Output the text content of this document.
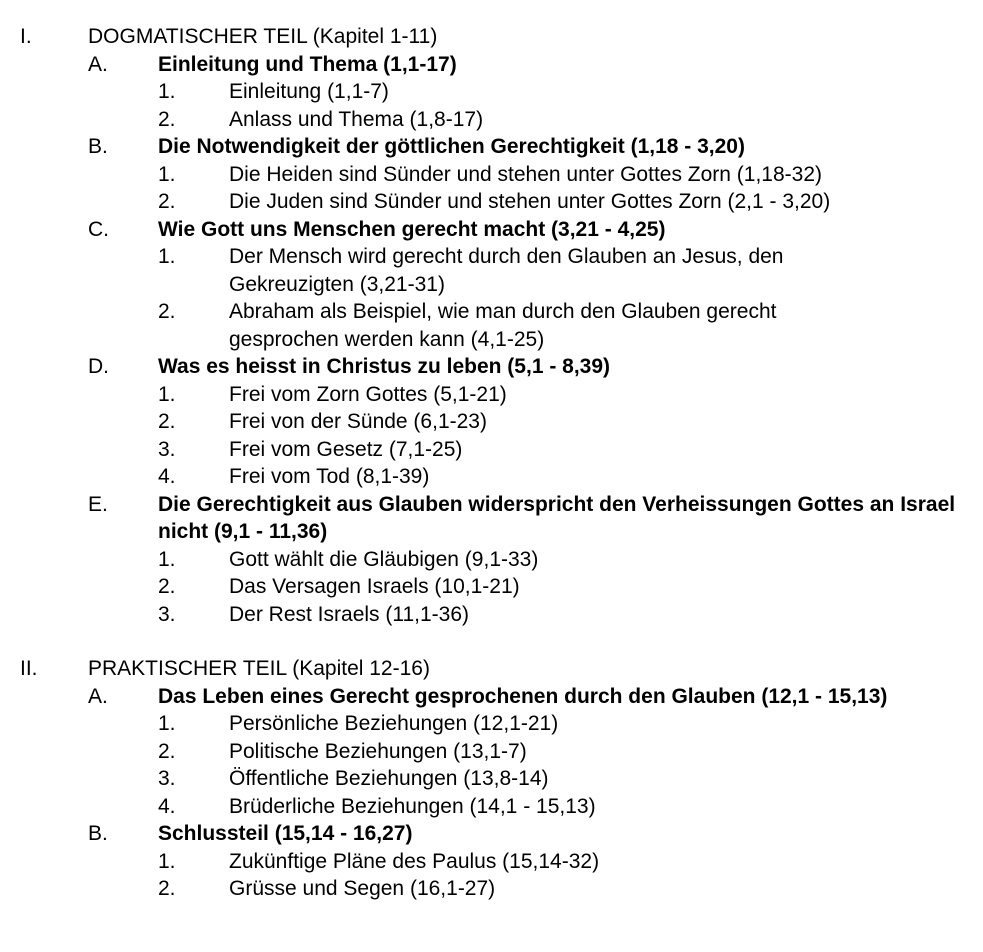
I.	DOGMATISCHER TEIL (Kapitel 1-11)
A. Einleitung und Thema (1,1-17)
1.	Einleitung (1,1-7)
2.	Anlass und Thema (1,8-17)
B. Die Notwendigkeit der göttlichen Gerechtigkeit (1,18 - 3,20)
1.	Die Heiden sind Sünder und stehen unter Gottes Zorn (1,18-32)
2.	Die Juden sind Sünder und stehen unter Gottes Zorn (2,1 - 3,20)
C. Wie Gott uns Menschen gerecht macht (3,21 - 4,25)
1.	Der Mensch wird gerecht durch den Glauben an Jesus, den Gekreuzigten (3,21-31)
2.	Abraham als Beispiel, wie man durch den Glauben gerecht gesprochen werden kann (4,1-25)
D. Was es heisst in Christus zu leben (5,1 - 8,39)
1.	Frei vom Zorn Gottes (5,1-21)
2.	Frei von der Sünde (6,1-23)
3.	Frei vom Gesetz (7,1-25)
4.	Frei vom Tod (8,1-39)
E. Die Gerechtigkeit aus Glauben widerspricht den Verheissungen Gottes an Israel nicht (9,1 - 11,36)
1.	Gott wählt die Gläubigen (9,1-33)
2.	Das Versagen Israels (10,1-21)
3.	Der Rest Israels (11,1-36)
II. PRAKTISCHER TEIL (Kapitel 12-16)
A. Das Leben eines Gerecht gesprochenen durch den Glauben (12,1 - 15,13)
1.	Persönliche Beziehungen (12,1-21)
2.	Politische Beziehungen (13,1-7)
3.	Öffentliche Beziehungen (13,8-14)
4.	Brüderliche Beziehungen (14,1 - 15,13)
B. Schlussteil (15,14 - 16,27)
1.	Zukünftige Pläne des Paulus (15,14-32)
2.	Grüsse und Segen (16,1-27)
